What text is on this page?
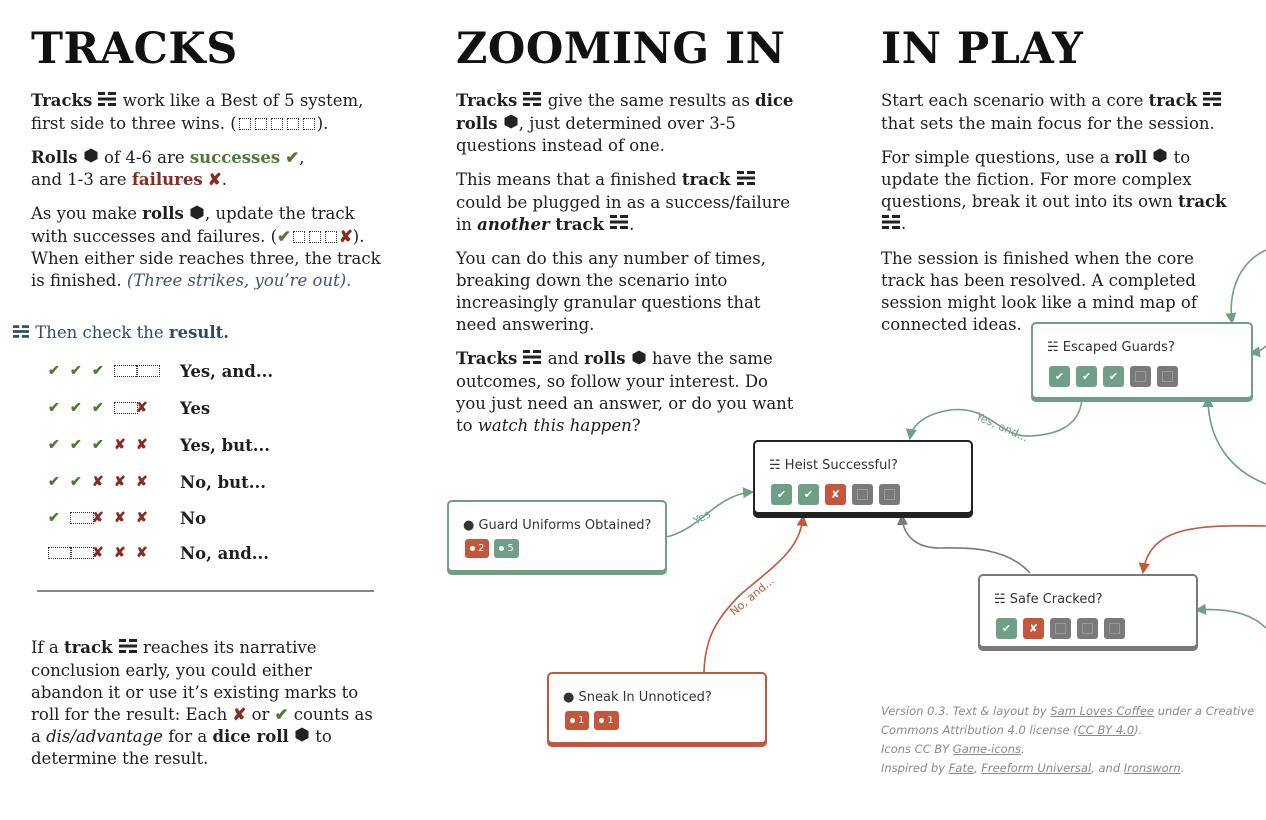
TRACKS

Tracks  work like a Best of 5 system, first side to three wins. (	).

Rolls  of 4-6 are successes ✔,
and 1-3 are failures ✘.

As you make rolls , update the track with successes and failures. (✔	✘). When either side reaches three, the track is finished. (Three strikes, you’re out).

Then check the result.
✔ ✔ ✔	Yes, and...
✔ ✔ ✔	✘	Yes
✔ ✔ ✔ ✘ ✘	Yes, but...
✔ ✔ ✘ ✘ ✘	No, but...
✔	✘ ✘ ✘	No
✘ ✘ ✘	No, and...

If a track  reaches its narrative conclusion early, you could either abandon it or use it’s existing marks to roll for the result: Each ✘ or ✔ counts as a dis/advantage for a dice roll  to determine the result.

ZOOMING IN

Tracks  give the same results as dice rolls , just determined over 3-5 questions instead of one.

This means that a finished track  could be plugged in as a success/failure in another track .

You can do this any number of times, breaking down the scenario into increasingly granular questions that need answering.

Tracks  and rolls  have the same outcomes, so follow your interest. Do you just need an answer, or do you want to watch this happen?

IN PLAY

Start each scenario with a core track  that sets the main focus for the session.

For simple questions, use a roll  to update the fiction. For more complex questions, break it out into its own track .

The session is finished when the core track has been resolved. A completed session might look like a mind map of connected ideas.

Yes, and...
Yes
No, and...
☵ Escaped Guards?
✔	✔	✔
☵ Heist Successful?
✔	✔	✘
● Guard Uniforms Obtained?
2 5
☵ Safe Cracked?
✔	✘
● Sneak In Unnoticed?
1 1
Version 0.3. Text & layout by Sam Loves Coffee under a Creative
Commons Attribution 4.0 license (CC BY 4.0).
Icons CC BY Game-icons.
Inspired by Fate, Freeform Universal, and Ironsworn.
